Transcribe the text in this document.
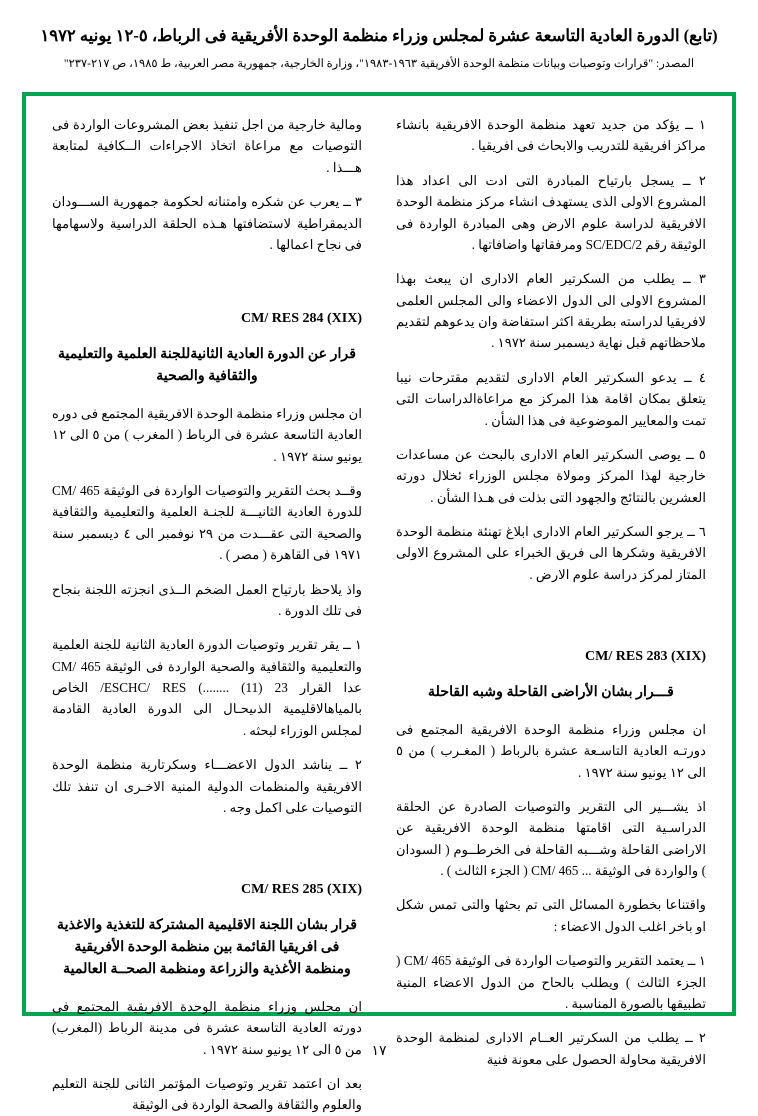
(تابع) الدورة العادية التاسعة عشرة لمجلس وزراء منظمة الوحدة الأفريقية فى الرباط، ٥-١٢ يونيه ١٩٧٢
المصدر: "قرارات وتوصيات وبيانات منظمة الوحدة الأفريقية ١٩٦٣-١٩٨٣"، وزارة الخارجية، جمهورية مصر العربية، ط ١٩٨٥، ص ٢١٧-٢٣٧"

١ ــ يؤكد من جديد تعهد منظمة الوحدة الافريقية بانشاء مراكز افريقية للتدريب والابحاث فى افريقيا .

٢ ــ يسجل بارتياح المبادرة التى ادت الى اعداد هذا المشروع الاولى الذى يستهدف انشاء مركز منظمة الوحدة الافريقية لدراسة علوم الارض وهى المبادرة الواردة فى الوثيقة رقم SC/EDC/2 ومرفقاتها واضافاتها .

٣ ــ يطلب من السكرتير العام الادارى ان يبعث بهذا المشروع الاولى الى الدول الاعضاء والى المجلس العلمى لافريقيا لدراسته بطريقة اكثر استفاضة وان يدعوهم لتقديم ملاحظاتهم قبل نهاية ديسمبر سنة ١٩٧٢ .

٤ ــ يدعو السكرتير العام الادارى لتقديم مقترحات نيبا يتعلق بمكان اقامة هذا المركز مع مراعاةالدراسات التى تمت والمعايير الموضوعية فى هذا الشأن .

٥ ــ يوصى السكرتير العام الادارى بالبحث عن مساعدات خارجية لهذا المركز ومولاة مجلس الوزراء ئخلال دورته العشرين بالنتائج والجهود التى بذلت فى هـذا الشأن .

٦ ــ يرجو السكرتير العام الادارى ابلاغ تهنئة منظمة الوحدة الافريقية وشكرها الى فريق الخبراء على المشروع الاولى المتاز لمركز دراسة علوم الارض .

CM/ RES 283 (XIX)
قـــرار بشان الأراضى القاحلة وشبه القاحلة

ان مجلس وزراء منظمة الوحدة الافريقية المجتمع فى دورتـه العادية التاسـعة عشرة بالرباط ( المغـرب ) من ٥ الى ١٢ يونيو سنة ١٩٧٢ .

اذ يشـــير الى التقرير والتوصيات الصادرة عن الحلقة الدراسـية التى اقامتها منظمة الوحدة الافريقية عن الاراضى القاحلة وشـــبه القاحلة فى الخرطــوم ( السودان ) والواردة فى الوثيقة ... ‎CM/ 465‎ ( الجزء الثالث ) .

واقتناعا بخطورة المسائل التى تم بحثها والتى تمس شكل او باخر اغلب الدول الاعضاء :

١ ــ يعتمد التقرير والتوصيات الواردة فى الوثيقة ‎CM/ 465‎ ( الجزء الثالث ) ويطلب بالحاح من الدول الاعضاء المنية تطبيقها بالصورة المناسبة .

٢ ــ يطلب من السكرتير العــام الادارى لمنظمة الوحدة الافريقية محاولة الحصول على معونة فنية

ومالية خارجية من اجل تنفيذ بعض المشروعات الواردة فى التوصيات مع مراعاة اتخاذ الاجراءات الــكافية لمتابعة هـــذا .

٣ ــ يعرب عن شكره وامتنانه لحكومة جمهورية الســـودان الديمقراطية لاستضافتها هـذه الحلقة الدراسية ولاسهامها فى نجاح اعمالها .

CM/ RES 284 (XIX)
قرار عن الدورة العادية الثانيةللجنة العلمية والتعليمية والثقافية والصحية

ان مجلس وزراء منظمة الوحدة الافريقية المجتمع فى دوره العادية التاسعة عشرة فى الرباط ( المغرب ) من ٥ الى ١٢ يونيو سنة ١٩٧٢ .

وقــد بحث التقرير والتوصيات الواردة فى الوثيقة ‎CM/ 465‎ للدورة العادية الثانيـــة للجنـة العلمية والتعليمية والثقافية والصحية التى عقـــدت من ٢٩ نوفمبر الى ٤ ديسمبر سنة ١٩٧١ فى القاهرة ( مصر ) .

واذ يلاحظ بارتياح العمل الضخم الــذى انجزته اللجنة بنجاح فى تلك الدورة .

١ ــ يقر تقرير وتوصيات الدورة العادية الثانية للجنة العلمية والتعليمية والثقافية والصحية الواردة فى الوثيقة ‎CM/ 465‎ عدا القرار ‎/ESCHC/ RES‎ (........ (11) 23 الخاص بالمياهالاقليمية الذىيحـال الى الدورة العادية القادمة لمجلس الوزراء لبحثه .

٢ ــ يناشد الدول الاعضـــاء وسكرتارية منظمة الوحدة الافريقية والمنظمات الدولية المنية الاخـرى ان تنفذ تلك التوصيات على اكمل وجه .

CM/ RES 285 (XIX)
قرار بشان اللجنة الاقليمية المشتركة للتغذية والاغذية فى افريقيا القائمة بين منظمة الوحدة الأفريقية ومنظمة الأغذية والزراعة ومنظمة الصحــة العالمية

ان مجلس وزراء منظمة الوحدة الافريقية المجتمع فى دورته العادية التاسعة عشرة فى مدينة الرباط (المغرب) من ٥ الى ١٢ يونيو سنة ١٩٧٢ .

بعد ان اعتمد تقرير وتوصيات المؤتمر الثانى للجنة التعليم والعلوم والثقافة والصحة الواردة فى الوثيقة

١٧
